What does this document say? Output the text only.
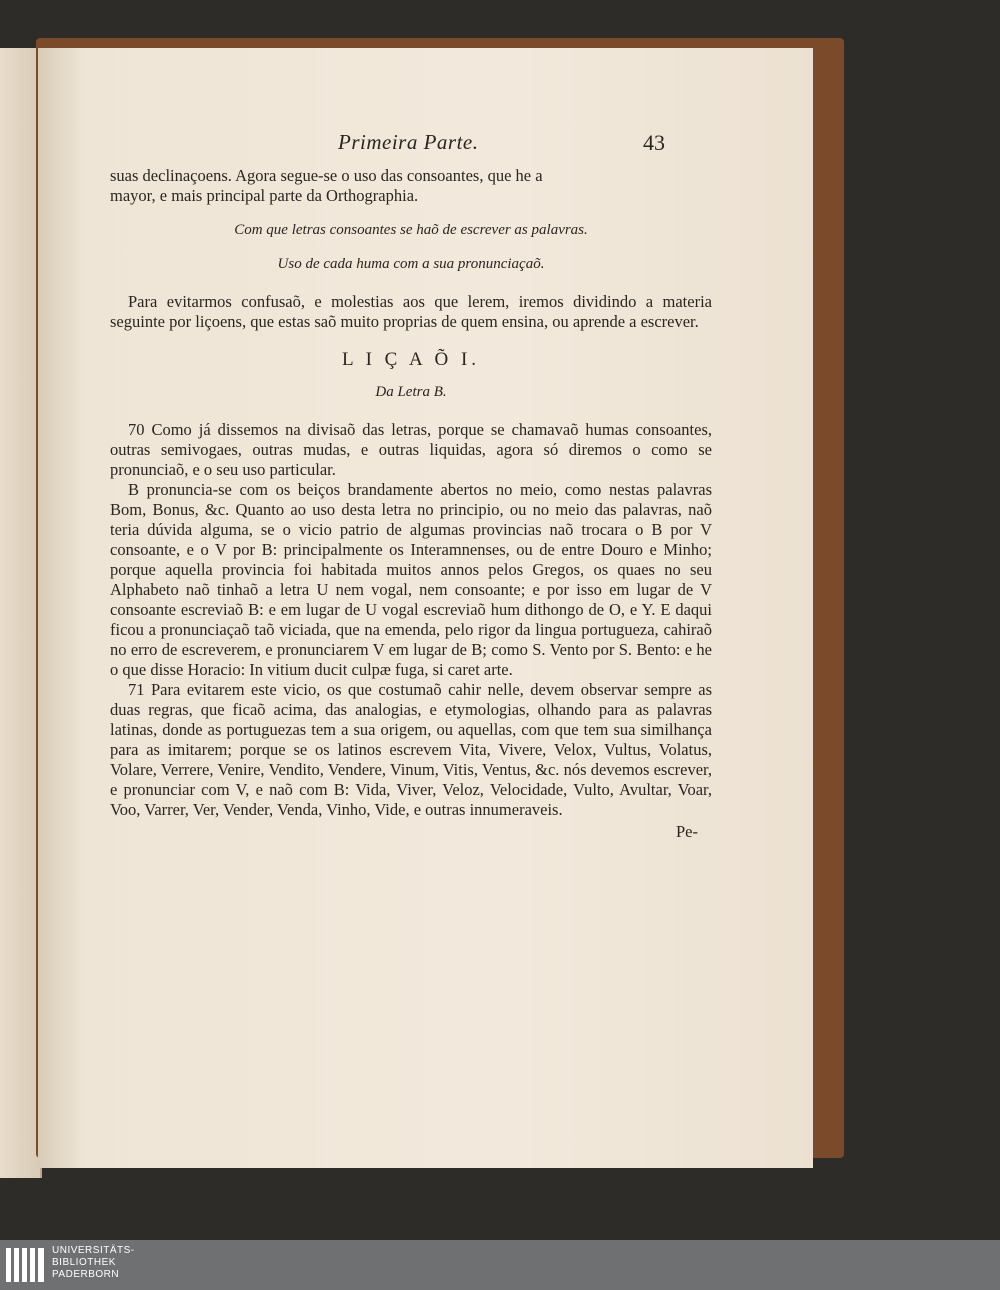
Primeira Parte.	43

suas declinaçoens. Agora segue-se o uso das consoantes, que he a

mayor, e mais principal parte da Orthographia.

Com que letras consoantes se haõ de escrever as palavras.

Uso de cada huma com a sua pronunciaçaõ.

Para evitarmos confusaõ, e molestias aos que lerem, iremos dividindo a materia seguinte por liçoens, que estas saõ muito proprias de quem ensina, ou aprende a escrever.

L I Ç A Õ I.

Da Letra B.

70 Como já dissemos na divisaõ das letras, porque se chamavaõ humas consoantes, outras semivogaes, outras mudas, e outras liquidas, agora só diremos o como se pronunciaõ, e o seu uso particular.

B pronuncia-se com os beiços brandamente abertos no meio, como nestas palavras Bom, Bonus, &c. Quanto ao uso desta letra no principio, ou no meio das palavras, naõ teria dúvida alguma, se o vicio patrio de algumas provincias naõ trocara o B por V consoante, e o V por B: principalmente os Interamnenses, ou de entre Douro e Minho; porque aquella provincia foi habitada muitos annos pelos Gregos, os quaes no seu Alphabeto naõ tinhaõ a letra U nem vogal, nem consoante; e por isso em lugar de V consoante escreviaõ B: e em lugar de U vogal escreviaõ hum dithongo de O, e Y. E daqui ficou a pronunciaçaõ taõ viciada, que na emenda, pelo rigor da lingua portugueza, cahiraõ no erro de escreverem, e pronunciarem V em lugar de B; como S. Vento por S. Bento: e he o que disse Horacio: In vitium ducit culpæ fuga, si caret arte.

71 Para evitarem este vicio, os que costumaõ cahir nelle, devem observar sempre as duas regras, que ficaõ acima, das analogias, e etymologias, olhando para as palavras latinas, donde as portuguezas tem a sua origem, ou aquellas, com que tem sua similhança para as imitarem; porque se os latinos escrevem Vita, Vivere, Velox, Vultus, Volatus, Volare, Verrere, Venire, Vendito, Vendere, Vinum, Vitis, Ventus, &c. nós devemos escrever, e pronunciar com V, e naõ com B: Vida, Viver, Veloz, Velocidade, Vulto, Avultar, Voar, Voo, Varrer, Ver, Vender, Venda, Vinho, Vide, e outras innumeraveis.

Pe-

UNIVERSITÄTS-
BIBLIOTHEK
PADERBORN
